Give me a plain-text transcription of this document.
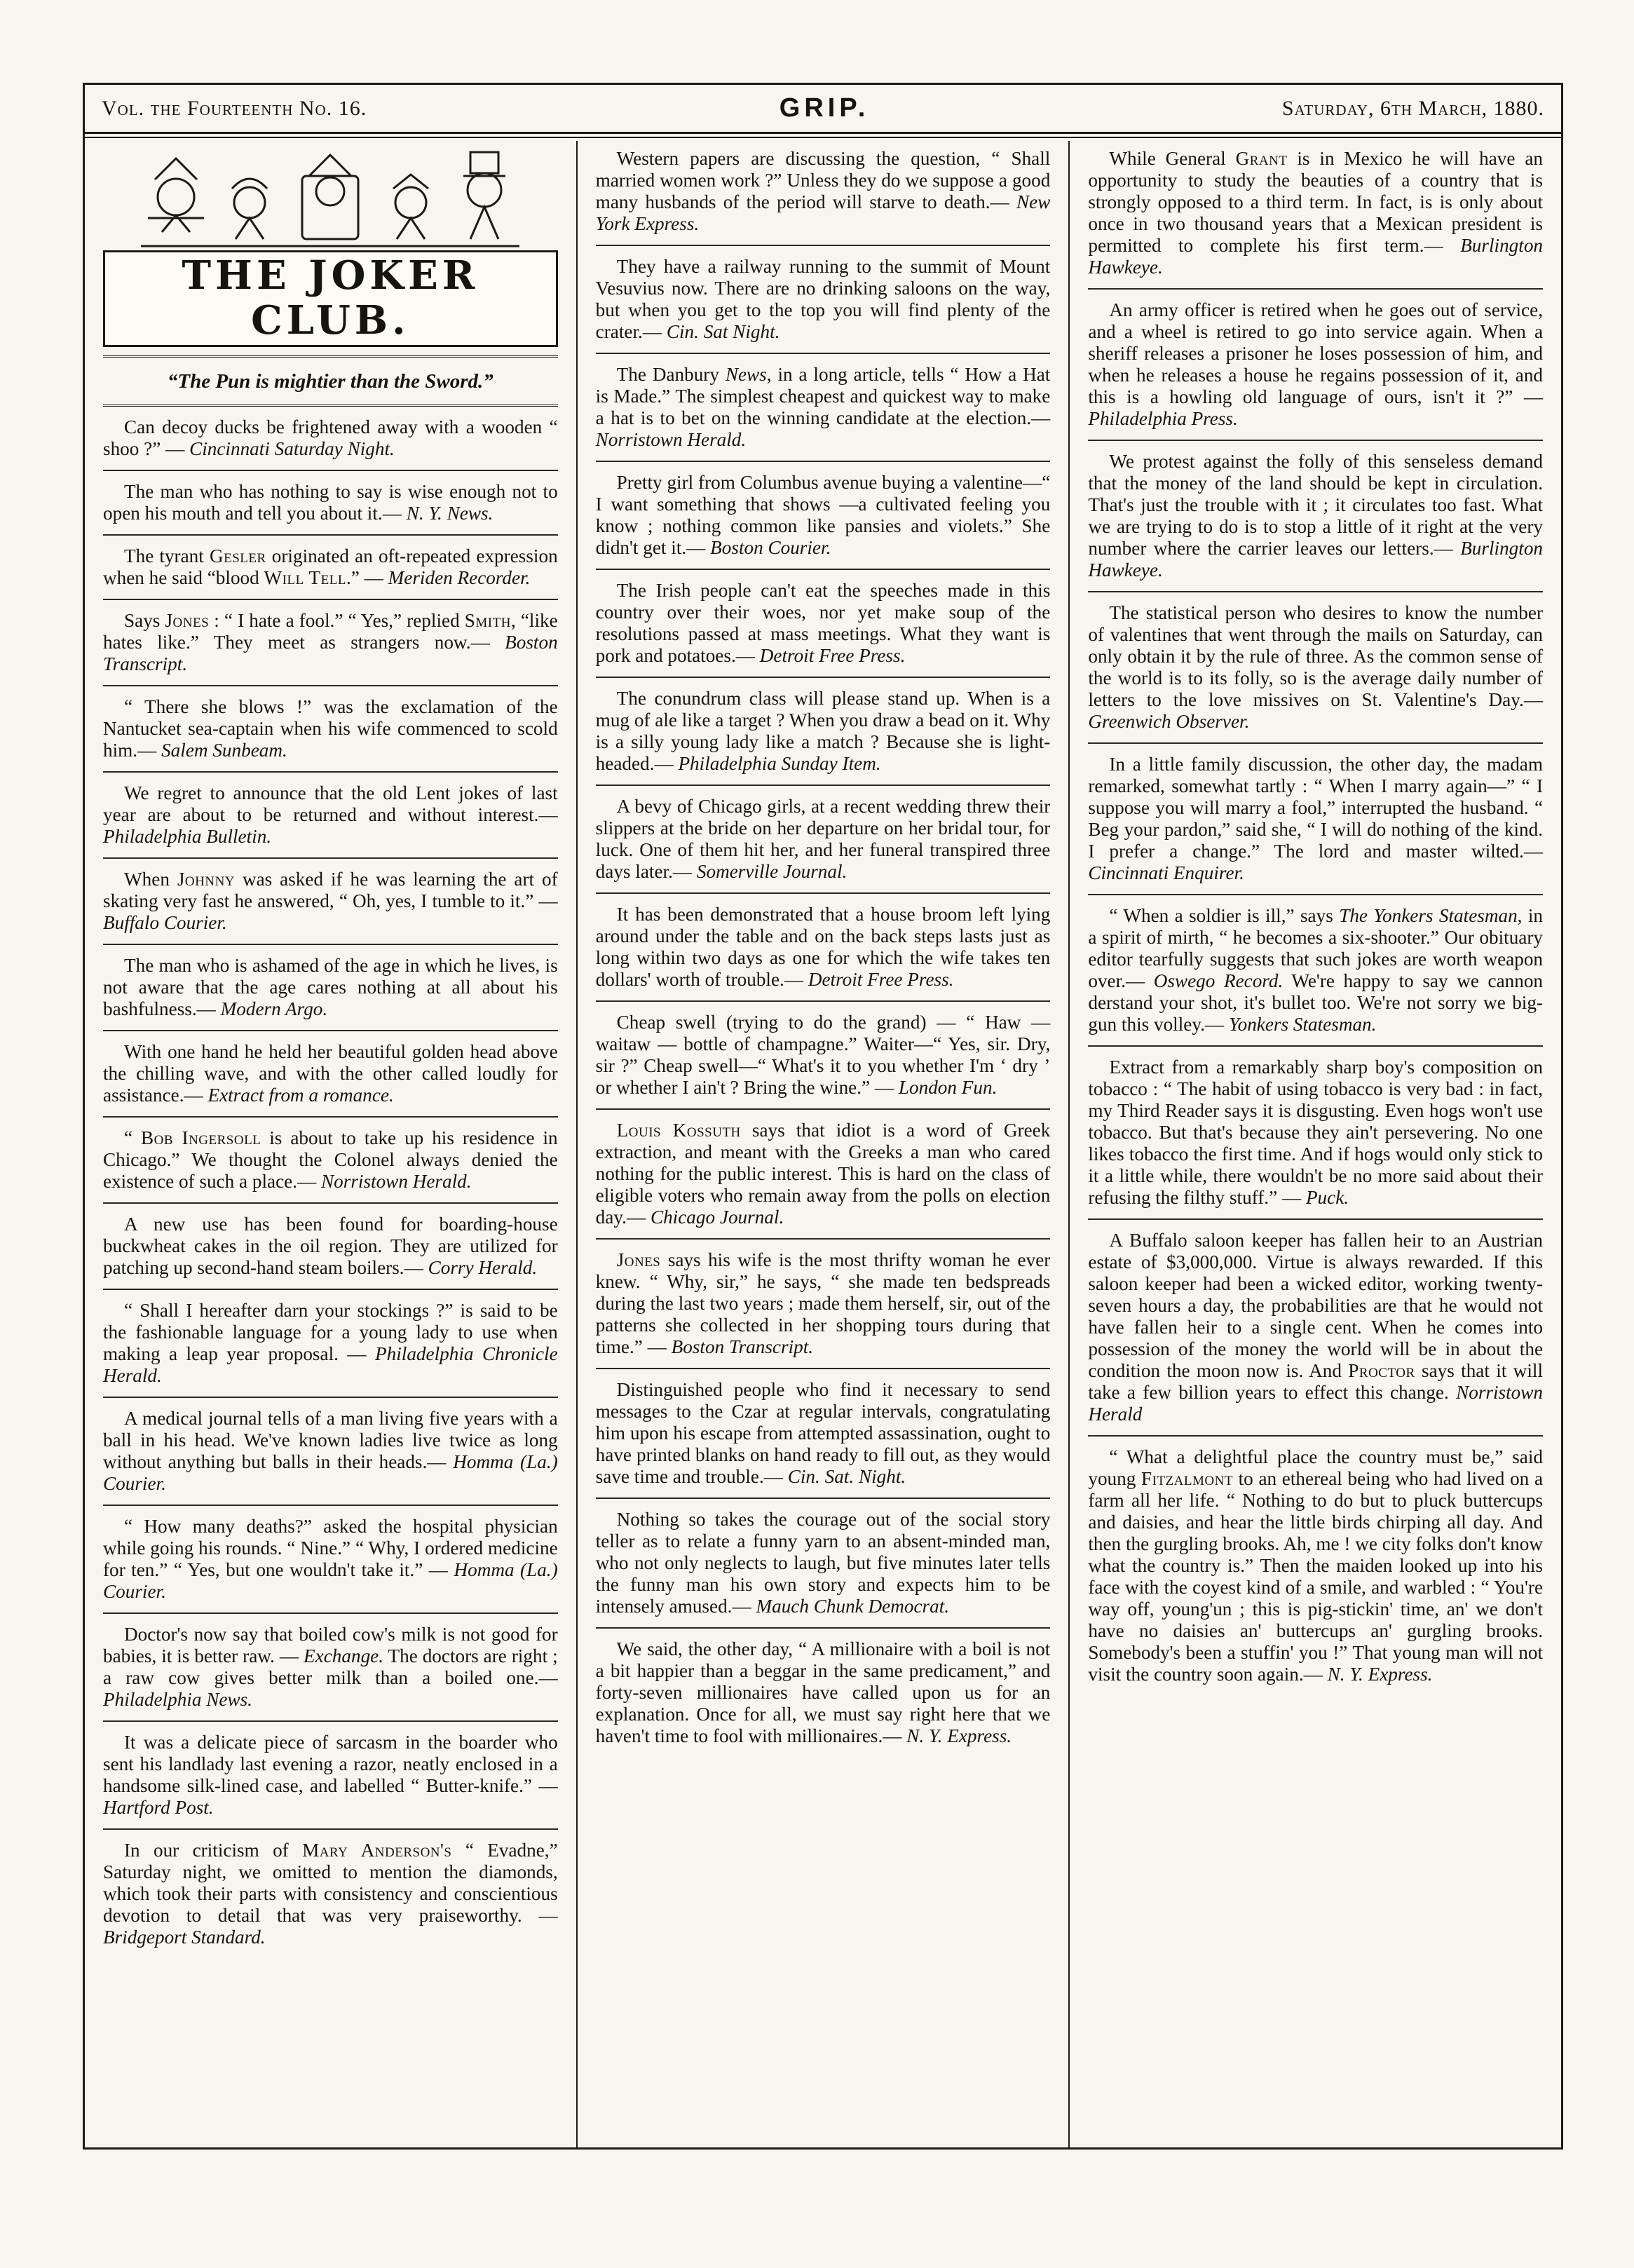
Vol. the Fourteenth No. 16.	GRIP.	Saturday, 6th March, 1880.
THE JOKER CLUB.
“The Pun is mightier than the Sword.”

Can decoy ducks be frightened away with a wooden “ shoo ?” — Cincinnati Saturday Night.

The man who has nothing to say is wise enough not to open his mouth and tell you about it.— N. Y. News.

The tyrant Gesler originated an oft-repeated expression when he said “blood Will Tell.” — Meriden Recorder.

Says Jones : “ I hate a fool.” “ Yes,” replied Smith, “like hates like.” They meet as strangers now.— Boston Transcript.

“ There she blows !” was the exclamation of the Nantucket sea-captain when his wife commenced to scold him.— Salem Sunbeam.

We regret to announce that the old Lent jokes of last year are about to be returned and without interest.— Philadelphia Bulletin.

When Johnny was asked if he was learning the art of skating very fast he answered, “ Oh, yes, I tumble to it.” — Buffalo Courier.

The man who is ashamed of the age in which he lives, is not aware that the age cares nothing at all about his bashfulness.— Modern Argo.

With one hand he held her beautiful golden head above the chilling wave, and with the other called loudly for assistance.— Extract from a romance.

“ Bob Ingersoll is about to take up his residence in Chicago.” We thought the Colonel always denied the existence of such a place.— Norristown Herald.

A new use has been found for boarding-house buckwheat cakes in the oil region. They are utilized for patching up second-hand steam boilers.— Corry Herald.

“ Shall I hereafter darn your stockings ?” is said to be the fashionable language for a young lady to use when making a leap year proposal. — Philadelphia Chronicle Herald.

A medical journal tells of a man living five years with a ball in his head. We've known ladies live twice as long without anything but balls in their heads.— Homma (La.) Courier.

“ How many deaths?” asked the hospital physician while going his rounds. “ Nine.” “ Why, I ordered medicine for ten.” “ Yes, but one wouldn't take it.” — Homma (La.) Courier.

Doctor's now say that boiled cow's milk is not good for babies, it is better raw. — Exchange. The doctors are right ; a raw cow gives better milk than a boiled one.— Philadelphia News.

It was a delicate piece of sarcasm in the boarder who sent his landlady last evening a razor, neatly enclosed in a handsome silk-lined case, and labelled “ Butter-knife.” — Hartford Post.

In our criticism of Mary Anderson's “ Evadne,” Saturday night, we omitted to mention the diamonds, which took their parts with consistency and conscientious devotion to detail that was very praiseworthy. — Bridgeport Standard.

Western papers are discussing the question, “ Shall married women work ?” Unless they do we suppose a good many husbands of the period will starve to death.— New York Express.

They have a railway running to the summit of Mount Vesuvius now. There are no drinking saloons on the way, but when you get to the top you will find plenty of the crater.— Cin. Sat Night.

The Danbury News, in a long article, tells “ How a Hat is Made.” The simplest cheapest and quickest way to make a hat is to bet on the winning candidate at the election.— Norristown Herald.

Pretty girl from Columbus avenue buying a valentine—“ I want something that shows —a cultivated feeling you know ; nothing common like pansies and violets.” She didn't get it.— Boston Courier.

The Irish people can't eat the speeches made in this country over their woes, nor yet make soup of the resolutions passed at mass meetings. What they want is pork and potatoes.— Detroit Free Press.

The conundrum class will please stand up. When is a mug of ale like a target ? When you draw a bead on it. Why is a silly young lady like a match ? Because she is light-headed.— Philadelphia Sunday Item.

A bevy of Chicago girls, at a recent wedding threw their slippers at the bride on her departure on her bridal tour, for luck. One of them hit her, and her funeral transpired three days later.— Somerville Journal.

It has been demonstrated that a house broom left lying around under the table and on the back steps lasts just as long within two days as one for which the wife takes ten dollars' worth of trouble.— Detroit Free Press.

Cheap swell (trying to do the grand) — “ Haw — waitaw — bottle of champagne.” Waiter—“ Yes, sir. Dry, sir ?” Cheap swell—“ What's it to you whether I'm ‘ dry ’ or whether I ain't ? Bring the wine.” — London Fun.

Louis Kossuth says that idiot is a word of Greek extraction, and meant with the Greeks a man who cared nothing for the public interest. This is hard on the class of eligible voters who remain away from the polls on election day.— Chicago Journal.

Jones says his wife is the most thrifty woman he ever knew. “ Why, sir,” he says, “ she made ten bedspreads during the last two years ; made them herself, sir, out of the patterns she collected in her shopping tours during that time.” — Boston Transcript.

Distinguished people who find it necessary to send messages to the Czar at regular intervals, congratulating him upon his escape from attempted assassination, ought to have printed blanks on hand ready to fill out, as they would save time and trouble.— Cin. Sat. Night.

Nothing so takes the courage out of the social story teller as to relate a funny yarn to an absent-minded man, who not only neglects to laugh, but five minutes later tells the funny man his own story and expects him to be intensely amused.— Mauch Chunk Democrat.

We said, the other day, “ A millionaire with a boil is not a bit happier than a beggar in the same predicament,” and forty-seven millionaires have called upon us for an explanation. Once for all, we must say right here that we haven't time to fool with millionaires.— N. Y. Express.

While General Grant is in Mexico he will have an opportunity to study the beauties of a country that is strongly opposed to a third term. In fact, is is only about once in two thousand years that a Mexican president is permitted to complete his first term.— Burlington Hawkeye.

An army officer is retired when he goes out of service, and a wheel is retired to go into service again. When a sheriff releases a prisoner he loses possession of him, and when he releases a house he regains possession of it, and this is a howling old language of ours, isn't it ?” — Philadelphia Press.

We protest against the folly of this senseless demand that the money of the land should be kept in circulation. That's just the trouble with it ; it circulates too fast. What we are trying to do is to stop a little of it right at the very number where the carrier leaves our letters.— Burlington Hawkeye.

The statistical person who desires to know the number of valentines that went through the mails on Saturday, can only obtain it by the rule of three. As the common sense of the world is to its folly, so is the average daily number of letters to the love missives on St. Valentine's Day.— Greenwich Observer.

In a little family discussion, the other day, the madam remarked, somewhat tartly : “ When I marry again—” “ I suppose you will marry a fool,” interrupted the husband. “ Beg your pardon,” said she, “ I will do nothing of the kind. I prefer a change.” The lord and master wilted.— Cincinnati Enquirer.

“ When a soldier is ill,” says The Yonkers Statesman, in a spirit of mirth, “ he becomes a six-shooter.” Our obituary editor tearfully suggests that such jokes are worth weapon over.— Oswego Record. We're happy to say we cannon derstand your shot, it's bullet too. We're not sorry we big-gun this volley.— Yonkers Statesman.

Extract from a remarkably sharp boy's composition on tobacco : “ The habit of using tobacco is very bad : in fact, my Third Reader says it is disgusting. Even hogs won't use tobacco. But that's because they ain't persevering. No one likes tobacco the first time. And if hogs would only stick to it a little while, there wouldn't be no more said about their refusing the filthy stuff.” — Puck.

A Buffalo saloon keeper has fallen heir to an Austrian estate of $3,000,000. Virtue is always rewarded. If this saloon keeper had been a wicked editor, working twenty-seven hours a day, the probabilities are that he would not have fallen heir to a single cent. When he comes into possession of the money the world will be in about the condition the moon now is. And Proctor says that it will take a few billion years to effect this change. Norristown Herald

“ What a delightful place the country must be,” said young Fitzalmont to an ethereal being who had lived on a farm all her life. “ Nothing to do but to pluck buttercups and daisies, and hear the little birds chirping all day. And then the gurgling brooks. Ah, me ! we city folks don't know what the country is.” Then the maiden looked up into his face with the coyest kind of a smile, and warbled : “ You're way off, young'un ; this is pig-stickin' time, an' we don't have no daisies an' buttercups an' gurgling brooks. Somebody's been a stuffin' you !” That young man will not visit the country soon again.— N. Y. Express.
